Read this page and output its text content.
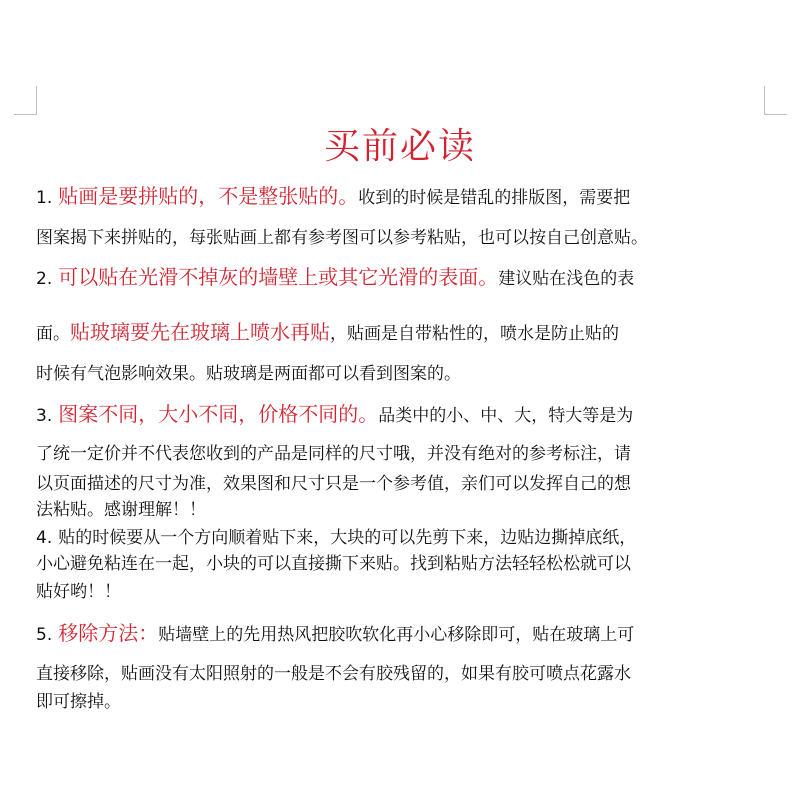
买前必读
1. 贴画是要拼贴的，不是整张贴的。收到的时候是错乱的排版图，需要把
图案揭下来拼贴的，每张贴画上都有参考图可以参考粘贴，也可以按自己创意贴。
2. 可以贴在光滑不掉灰的墙壁上或其它光滑的表面。建议贴在浅色的表
面。贴玻璃要先在玻璃上喷水再贴，贴画是自带粘性的，喷水是防止贴的
时候有气泡影响效果。贴玻璃是两面都可以看到图案的。
3. 图案不同，大小不同，价格不同的。品类中的小、中、大，特大等是为
了统一定价并不代表您收到的产品是同样的尺寸哦，并没有绝对的参考标注，请
以页面描述的尺寸为准，效果图和尺寸只是一个参考值，亲们可以发挥自己的想
法粘贴。感谢理解！！
4. 贴的时候要从一个方向顺着贴下来，大块的可以先剪下来，边贴边撕掉底纸，
小心避免粘连在一起，小块的可以直接撕下来贴。找到粘贴方法轻轻松松就可以
贴好哟！！
5. 移除方法：贴墙壁上的先用热风把胶吹软化再小心移除即可，贴在玻璃上可
直接移除，贴画没有太阳照射的一般是不会有胶残留的，如果有胶可喷点花露水
即可擦掉。
